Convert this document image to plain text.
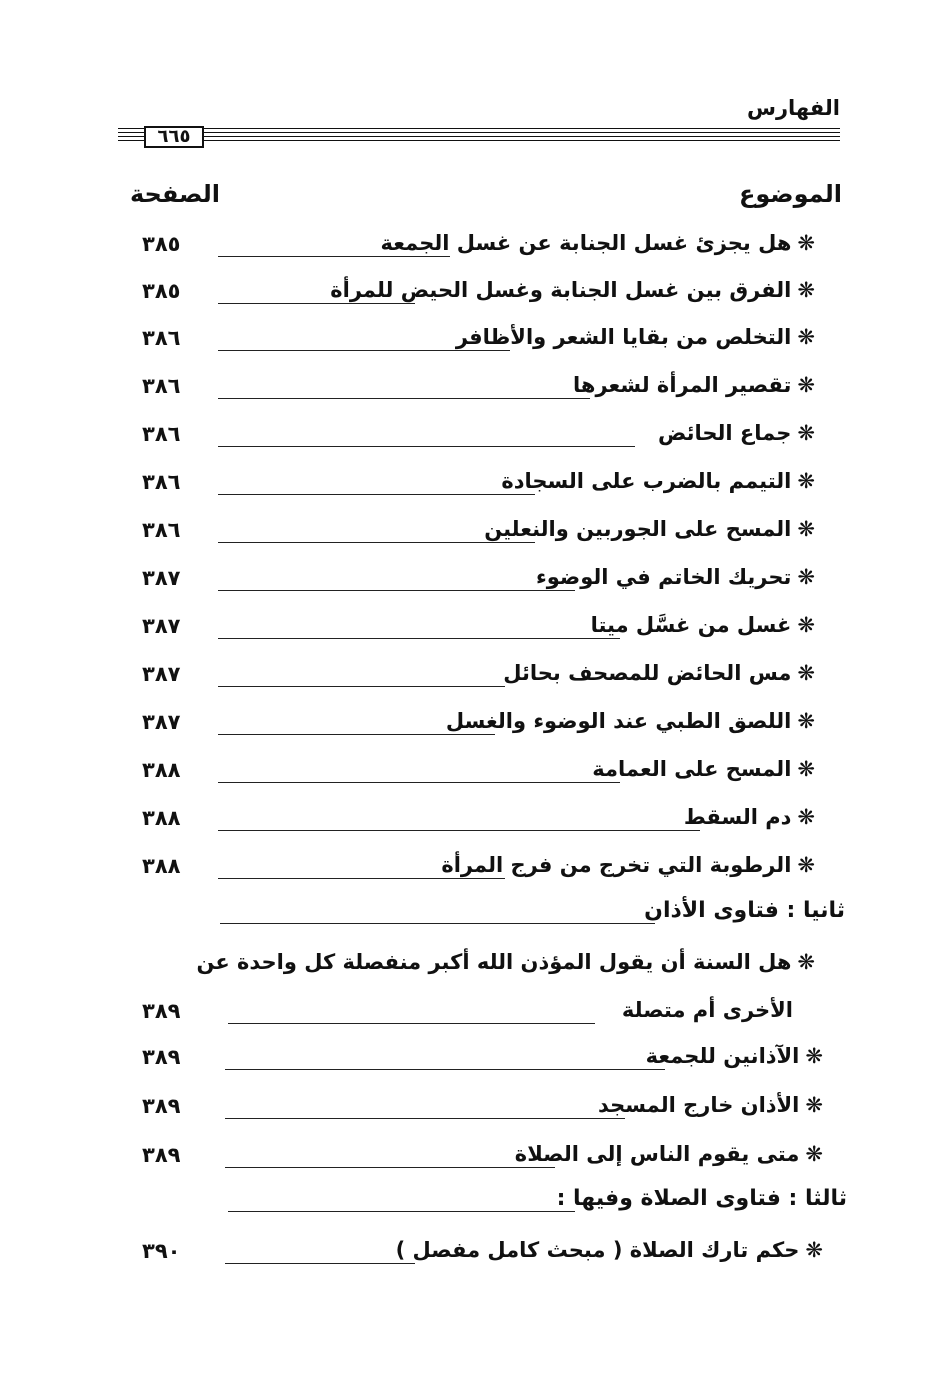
الفهارس
٦٦٥
الموضوع
الصفحة
❋هل يجزئ غسل الجنابة عن غسل الجمعة
٣٨٥
❋الفرق بين غسل الجنابة وغسل الحيض للمرأة
٣٨٥
❋التخلص من بقايا الشعر والأظافر
٣٨٦
❋تقصير المرأة لشعرها
٣٨٦
❋جماع الحائض
٣٨٦
❋التيمم بالضرب على السجادة
٣٨٦
❋المسح على الجوربين والنعلين
٣٨٦
❋تحريك الخاتم في الوضوء
٣٨٧
❋غسل من غسَّل ميتا
٣٨٧
❋مس الحائض للمصحف بحائل
٣٨٧
❋اللصق الطبي عند الوضوء والغسل
٣٨٧
❋المسح على العمامة
٣٨٨
❋دم السقط
٣٨٨
❋الرطوبة التي تخرج من فرج المرأة
٣٨٨
ثانيا : فتاوى الأذان
❋هل السنة أن يقول المؤذن الله أكبر منفصلة كل واحدة عن
الأخرى أم متصلة
٣٨٩
❋الآذانين للجمعة
٣٨٩
❋الأذان خارج المسجد
٣٨٩
❋متى يقوم الناس إلى الصلاة
٣٨٩
ثالثا : فتاوى الصلاة وفيها :
❋حكم تارك الصلاة ( مبحث كامل مفصل )
٣٩٠
